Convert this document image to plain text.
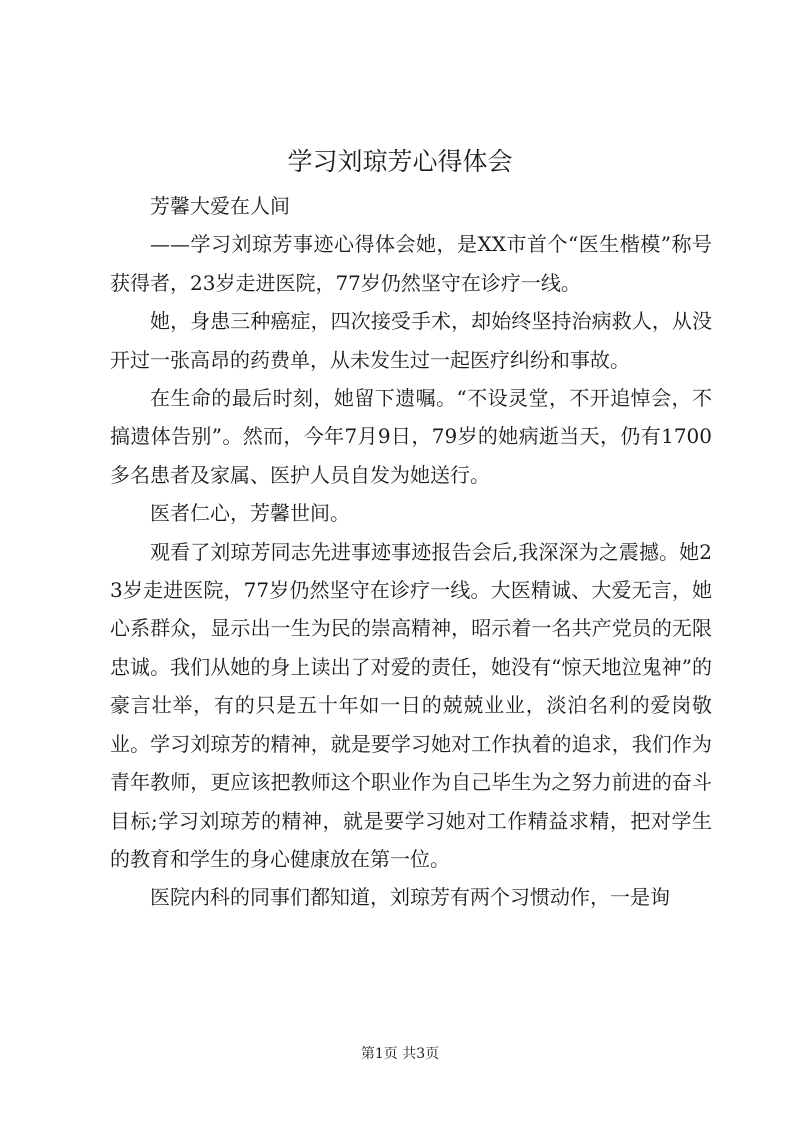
学习刘琼芳心得体会

芳馨大爱在人间

——学习刘琼芳事迹心得体会她，是XX市首个“医生楷模”称号获得者，23岁走进医院，77岁仍然坚守在诊疗一线。

她，身患三种癌症，四次接受手术，却始终坚持治病救人，从没开过一张高昂的药费单，从未发生过一起医疗纠纷和事故。

在生命的最后时刻，她留下遗嘱。“不设灵堂，不开追悼会，不搞遗体告别”。然而，今年7月9日，79岁的她病逝当天，仍有1700多名患者及家属、医护人员自发为她送行。

医者仁心，芳馨世间。

观看了刘琼芳同志先进事迹事迹报告会后,我深深为之震撼。她23岁走进医院，77岁仍然坚守在诊疗一线。大医精诚、大爱无言，她心系群众，显示出一生为民的崇高精神，昭示着一名共产党员的无限忠诚。我们从她的身上读出了对爱的责任，她没有“惊天地泣鬼神”的豪言壮举，有的只是五十年如一日的兢兢业业，淡泊名利的爱岗敬业。学习刘琼芳的精神，就是要学习她对工作执着的追求，我们作为青年教师，更应该把教师这个职业作为自己毕生为之努力前进的奋斗目标;学习刘琼芳的精神，就是要学习她对工作精益求精，把对学生的教育和学生的身心健康放在第一位。

医院内科的同事们都知道，刘琼芳有两个习惯动作，一是询

第1页 共3页
